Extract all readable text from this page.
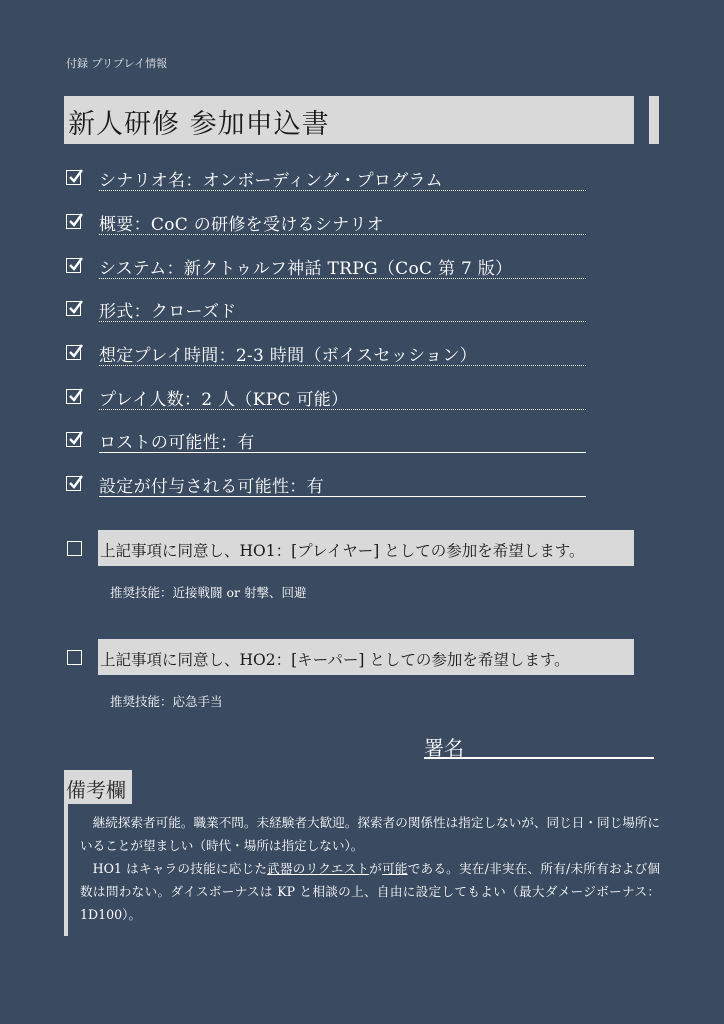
付録 プリプレイ情報
新人研修 参加申込書
シナリオ名：オンボーディング・プログラム
概要：CoC の研修を受けるシナリオ
システム：新クトゥルフ神話 TRPG（CoC 第 7 版）
形式：クローズド
想定プレイ時間：2-3 時間（ボイスセッション）
プレイ人数：2 人（KPC 可能）
ロストの可能性：有
設定が付与される可能性：有
上記事項に同意し、HO1：[プレイヤー] としての参加を希望します。
推奨技能：近接戦闘 or 射撃、回避
上記事項に同意し、HO2：[キーパー] としての参加を希望します。
推奨技能：応急手当
署名
備考欄

継続探索者可能。職業不問。未経験者大歓迎。探索者の関係性は指定しないが、同じ日・同じ場所にいることが望ましい（時代・場所は指定しない）。

HO1 はキャラの技能に応じた武器のリクエストが可能である。実在/非実在、所有/未所有および個数は問わない。ダイスボーナスは KP と相談の上、自由に設定してもよい（最大ダメージボーナス：1D100）。
